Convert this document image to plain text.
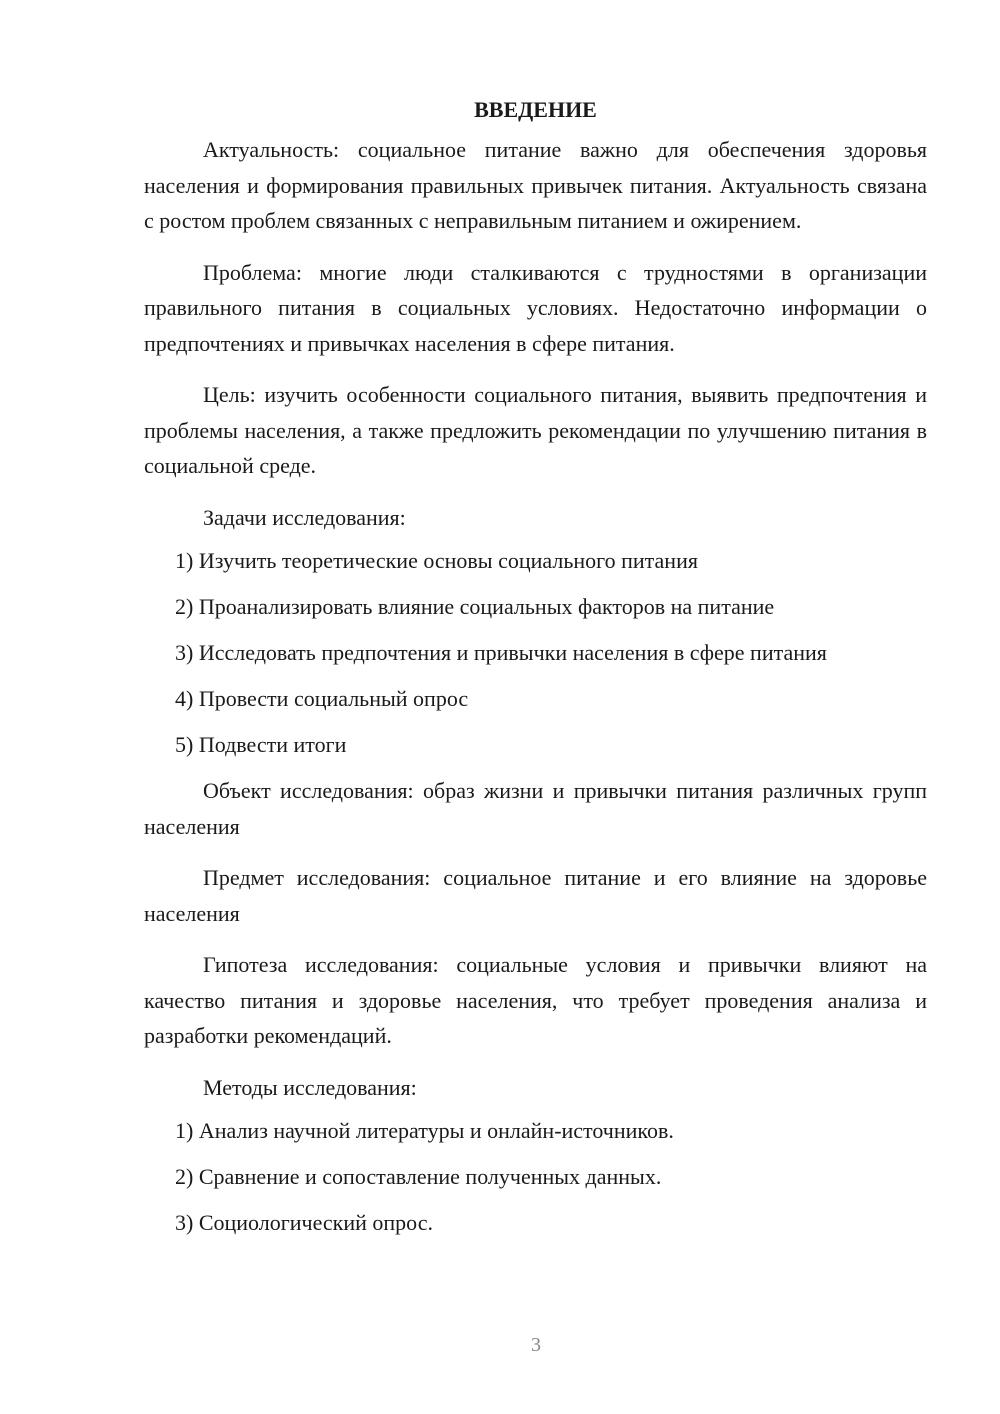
ВВЕДЕНИЕ

Актуальность: социальное питание важно для обеспечения здоровья населения и формирования правильных привычек питания. Актуальность связана с ростом проблем связанных с неправильным питанием и ожирением.

Проблема: многие люди сталкиваются с трудностями в организации правильного питания в социальных условиях. Недостаточно информации о предпочтениях и привычках населения в сфере питания.

Цель: изучить особенности социального питания, выявить предпочтения и проблемы населения, а также предложить рекомендации по улучшению питания в социальной среде.

Задачи исследования:

1) Изучить теоретические основы социального питания
2) Проанализировать влияние социальных факторов на питание
3) Исследовать предпочтения и привычки населения в сфере питания
4) Провести социальный опрос
5) Подвести итоги

Объект исследования: образ жизни и привычки питания различных групп населения

Предмет исследования: социальное питание и его влияние на здоровье населения

Гипотеза исследования: социальные условия и привычки влияют на качество питания и здоровье населения, что требует проведения анализа и разработки рекомендаций.

Методы исследования:

1) Анализ научной литературы и онлайн-источников.
2) Сравнение и сопоставление полученных данных.
3) Социологический опрос.
3
